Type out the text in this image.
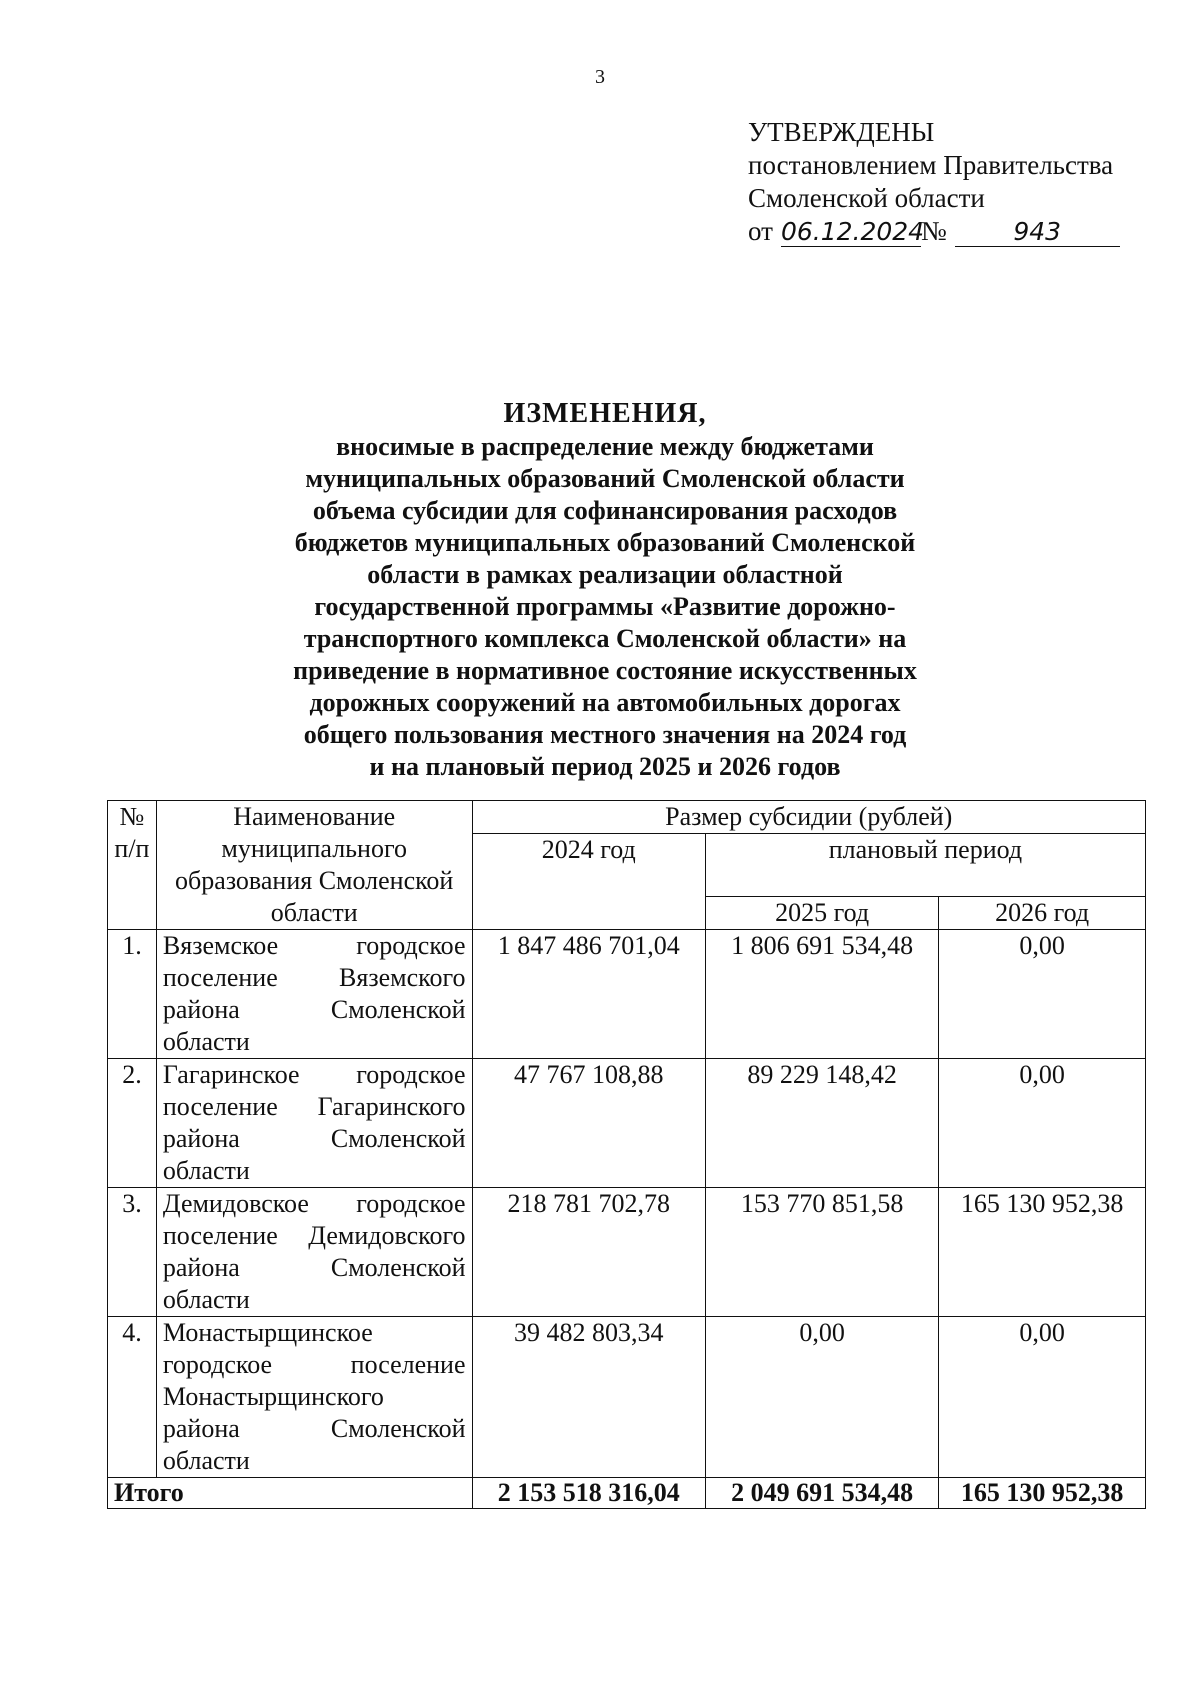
3
УТВЕРЖДЕНЫ
постановлением Правительства
Смоленской области
от 06.12.2024
№	943
ИЗМЕНЕНИЯ,
вносимые в распределение между бюджетами
муниципальных образований Смоленской области
объема субсидии для софинансирования расходов
бюджетов муниципальных образований Смоленской
области в рамках реализации областной
государственной программы «Развитие дорожно-
транспортного комплекса Смоленской области» на
приведение в нормативное состояние искусственных
дорожных сооружений на автомобильных дорогах
общего пользования местного значения на 2024 год
и на плановый период 2025 и 2026 годов
№ п/п	Наименование муниципального образования Смоленской области	Размер субсидии (рублей)		
		2024 год	плановый период	
			2025 год	2026 год
1.	Вяземское городское поселение Вяземского района Смоленской области	1 847 486 701,04	1 806 691 534,48	0,00
2.	Гагаринское городское поселение Гагаринского района Смоленской области	47 767 108,88	89 229 148,42	0,00
3.	Демидовское городское поселение Демидовского района Смоленской области	218 781 702,78	153 770 851,58	165 130 952,38
4.	Монастырщинское городское поселение Монастырщинского района Смоленской области	39 482 803,34	0,00	0,00
Итого		2 153 518 316,04	2 049 691 534,48	165 130 952,38
